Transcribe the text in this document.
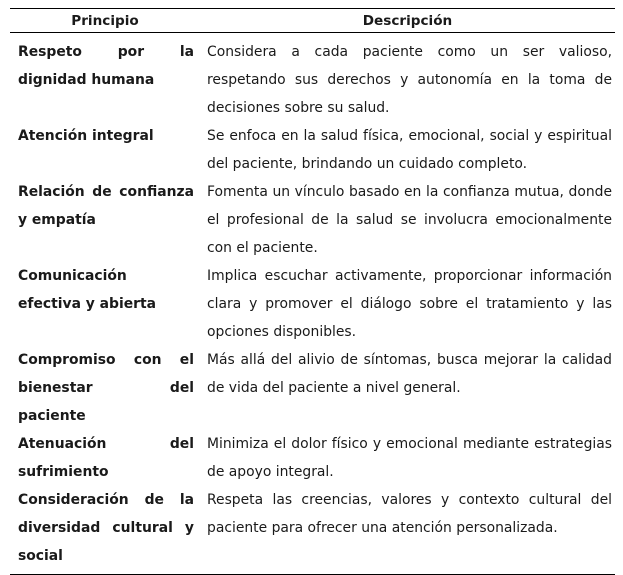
Principio	Descripción
Respeto por la dignidad humana
Considera a cada paciente como un ser valioso, respetando sus derechos y autonomía en la toma de decisiones sobre su salud.
Atención integral	Se enfoca en la salud física, emocional, social y espiritual del paciente, brindando un cuidado completo.
Relación de confianza y empatía
Fomenta un vínculo basado en la confianza mutua, donde el profesional de la salud se involucra emocionalmente con el paciente.
Comunicación efectiva y abierta
Implica escuchar activamente, proporcionar información clara y promover el diálogo sobre el tratamiento y las opciones disponibles.
Compromiso con el bienestar del paciente
Más allá del alivio de síntomas, busca mejorar la calidad de vida del paciente a nivel general.
Atenuación del sufrimiento
Minimiza el dolor físico y emocional mediante estrategias de apoyo integral.
Consideración de la diversidad cultural y social
Respeta las creencias, valores y contexto cultural del paciente para ofrecer una atención personalizada.
